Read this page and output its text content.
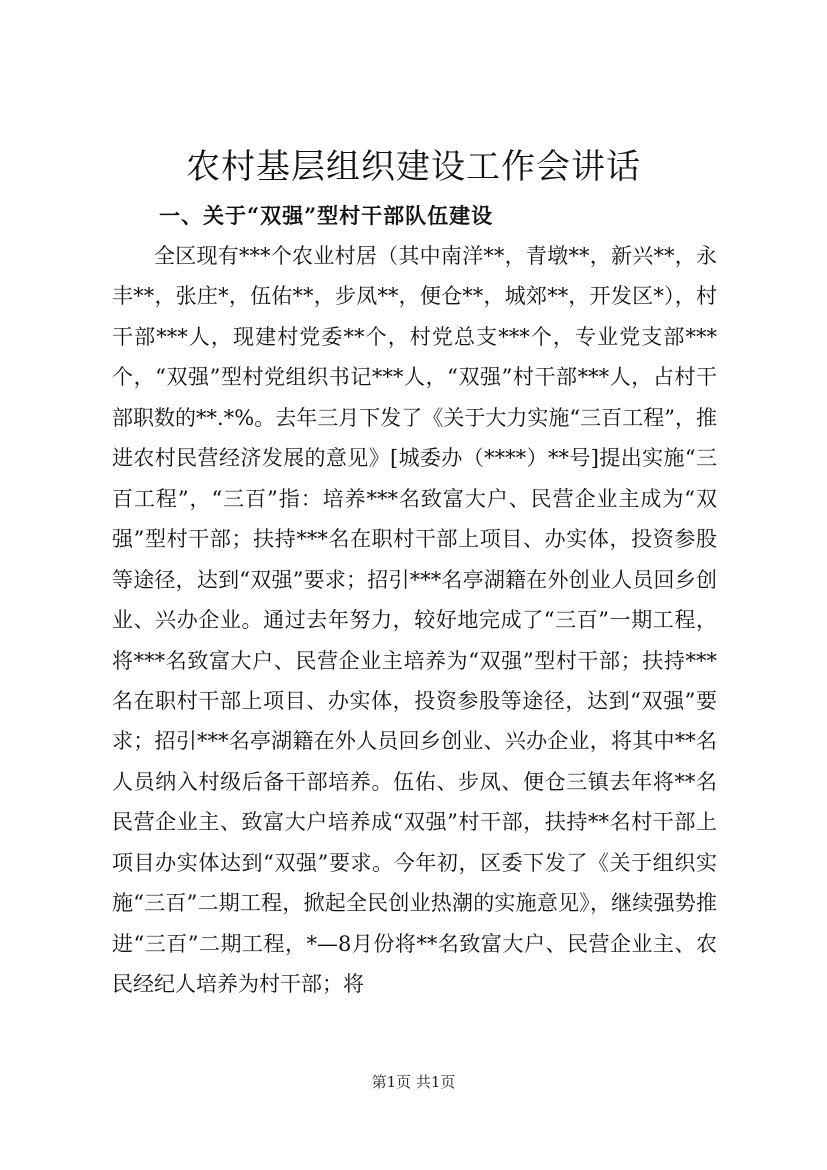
农村基层组织建设工作会讲话
一、关于“双强”型村干部队伍建设

全区现有***个农业村居（其中南洋**，青墩**，新兴**，永丰**，张庄*，伍佑**，步凤**，便仓**，城郊**，开发区*），村干部***人，现建村党委**个，村党总支***个，专业党支部***个，“双强”型村党组织书记***人，“双强”村干部***人，占村干部职数的**.*%。去年三月下发了《关于大力实施“三百工程”，推进农村民营经济发展的意见》[城委办（****）**号]提出实施“三百工程”，“三百”指：培养***名致富大户、民营企业主成为“双强”型村干部；扶持***名在职村干部上项目、办实体，投资参股等途径，达到“双强”要求；招引***名亭湖籍在外创业人员回乡创业、兴办企业。通过去年努力，较好地完成了“三百”一期工程，将***名致富大户、民营企业主培养为“双强”型村干部；扶持***名在职村干部上项目、办实体，投资参股等途径，达到“双强”要求；招引***名亭湖籍在外人员回乡创业、兴办企业，将其中**名人员纳入村级后备干部培养。伍佑、步凤、便仓三镇去年将**名民营企业主、致富大户培养成“双强”村干部，扶持**名村干部上项目办实体达到“双强”要求。今年初，区委下发了《关于组织实施“三百”二期工程，掀起全民创业热潮的实施意见》，继续强势推进“三百”二期工程，*—8月份将**名致富大户、民营企业主、农民经纪人培养为村干部；将

第1页 共1页
